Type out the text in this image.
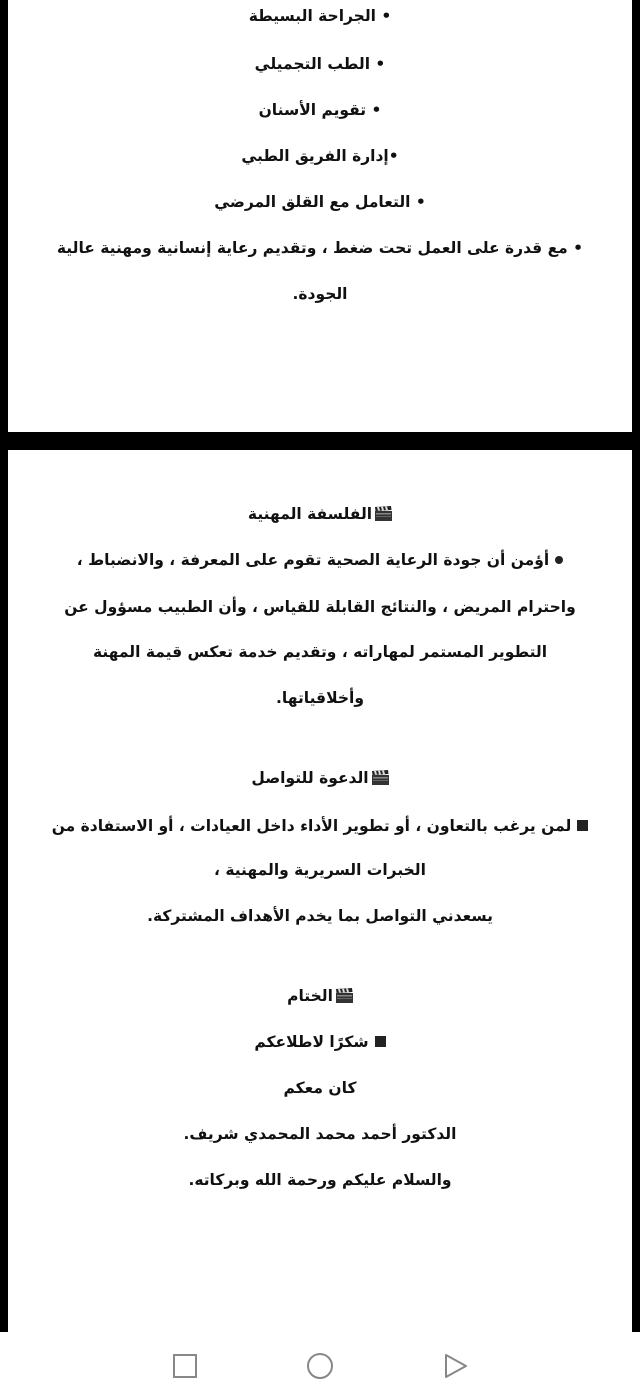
• الجراحة البسيطة
• الطب التجميلي
• تقويم الأسنان
•إدارة الفريق الطبي
• التعامل مع القلق المرضي
• مع قدرة على العمل تحت ضغط ، وتقديم رعاية إنسانية ومهنية عالية
الجودة.
الفلسفة المهنية
أؤمن أن جودة الرعاية الصحية تقوم على المعرفة ، والانضباط ،
واحترام المريض ، والنتائج القابلة للقياس ، وأن الطبيب مسؤول عن
التطوير المستمر لمهاراته ، وتقديم خدمة تعكس قيمة المهنة
وأخلاقياتها.
الدعوة للتواصل
لمن يرغب بالتعاون ، أو تطوير الأداء داخل العيادات ، أو الاستفادة من
الخبرات السريرية والمهنية ،
يسعدني التواصل بما يخدم الأهداف المشتركة.
الختام
شكرًا لاطلاعكم
كان معكم
الدكتور أحمد محمد المحمدي شريف.
والسلام عليكم ورحمة الله وبركاته.
